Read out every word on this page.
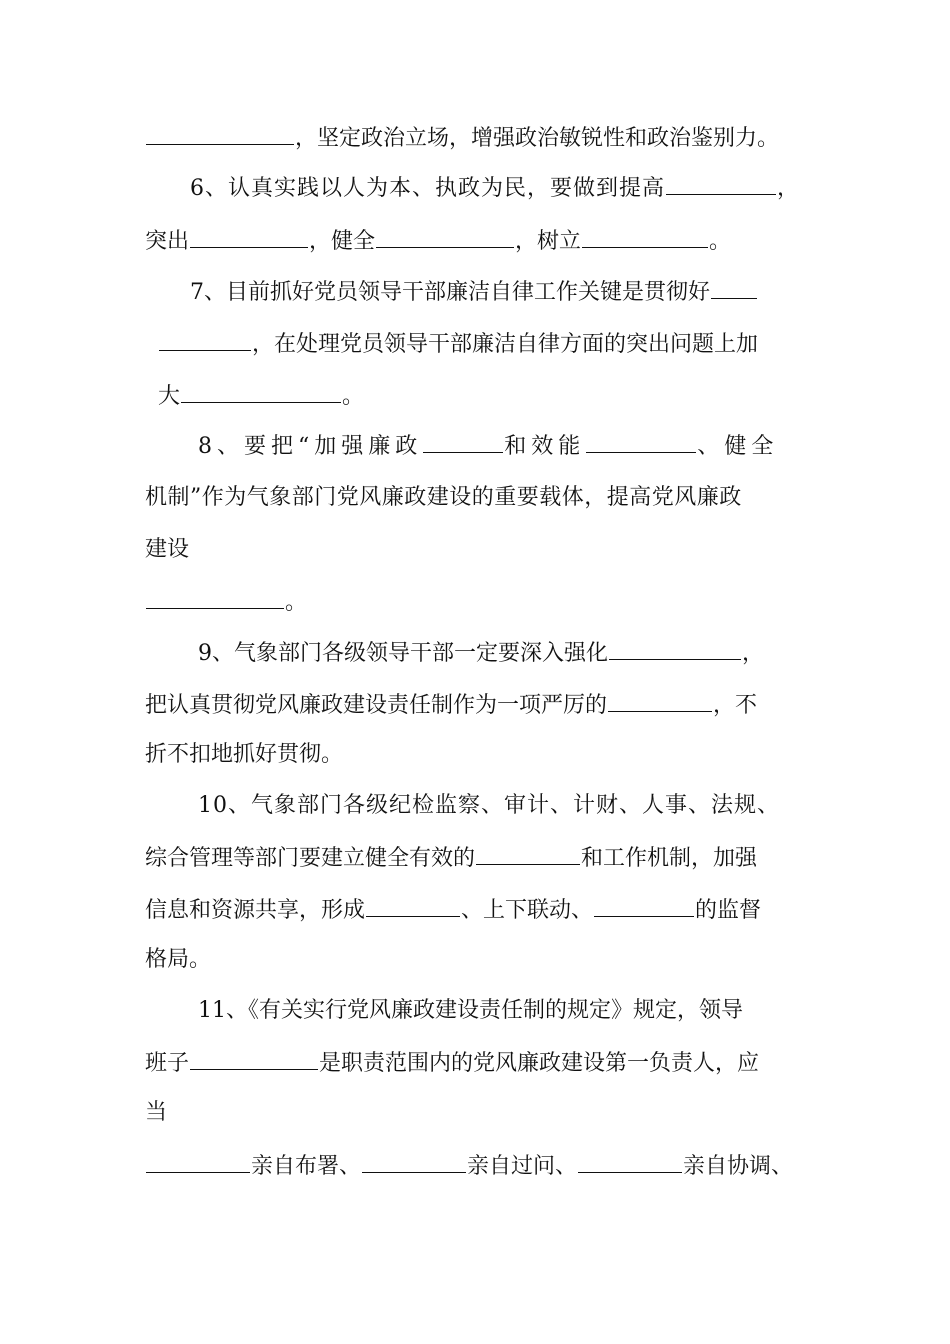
，坚定政治立场，增强政治敏锐性和政治鉴别力。
6、认真实践以人为本、执政为民，要做到提高	，
突出	，健全	，树立	。
7、目前抓好党员领导干部廉洁自律工作关键是贯彻好
，在处理党员领导干部廉洁自律方面的突出问题上加
大	。
8、要把“加强廉政	和效能	、健全
机制”作为气象部门党风廉政建设的重要载体，提高党风廉政
建设
。
9、气象部门各级领导干部一定要深入强化	，
把认真贯彻党风廉政建设责任制作为一项严厉的	，不
折不扣地抓好贯彻。
10、气象部门各级纪检监察、审计、计财、人事、法规、
综合管理等部门要建立健全有效的	和工作机制，加强
信息和资源共享，形成	、上下联动、	的监督
格局。
11、《有关实行党风廉政建设责任制的规定》规定，领导
班子	是职责范围内的党风廉政建设第一负责人，应
当
亲自布署、	亲自过问、	亲自协调、
